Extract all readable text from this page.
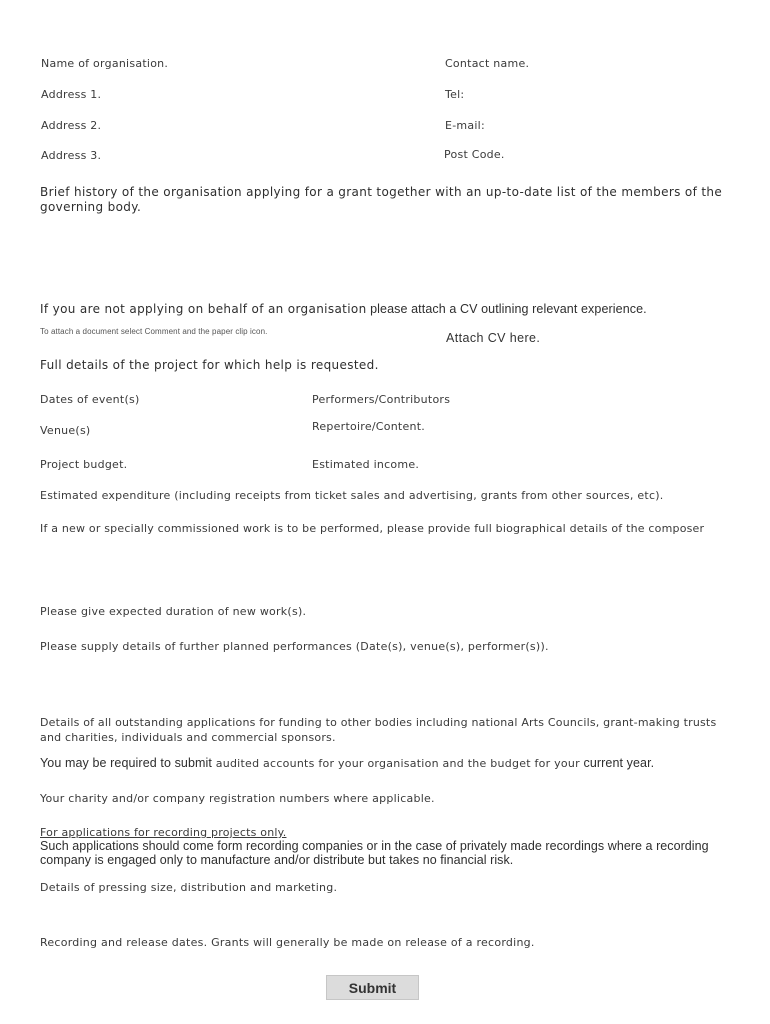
Name of organisation.	Contact name.

Address 1.	Tel:

Address 2.	E-mail:

Address 3.	Post Code.

Brief history of the organisation applying for a grant together with an up-to-date list of the members of the
governing body.

If you are not applying on behalf of an organisation please attach a CV outlining relevant experience.

To attach a document select Comment and the paper clip icon.	Attach CV here.

Full details of the project for which help is requested.

Dates of event(s)	Performers/Contributors

Venue(s)	Repertoire/Content.

Project budget.	Estimated income.

Estimated expenditure (including receipts from ticket sales and advertising, grants from other sources, etc).

If a new or specially commissioned work is to be performed, please provide full biographical details of the composer

Please give expected duration of new work(s).

Please supply details of further planned performances (Date(s), venue(s), performer(s)).

Details of all outstanding applications for funding to other bodies including national Arts Councils, grant-making trusts
and charities, individuals and commercial sponsors.

You may be required to submit audited accounts for your organisation and the budget for your current year.

Your charity and/or company registration numbers where applicable.

For applications for recording projects only.

Such applications should come form recording companies or in the case of privately made recordings where a recording
company is engaged only to manufacture and/or distribute but takes no financial risk.

Details of pressing size, distribution and marketing.

Recording and release dates. Grants will generally be made on release of a recording.

Submit
